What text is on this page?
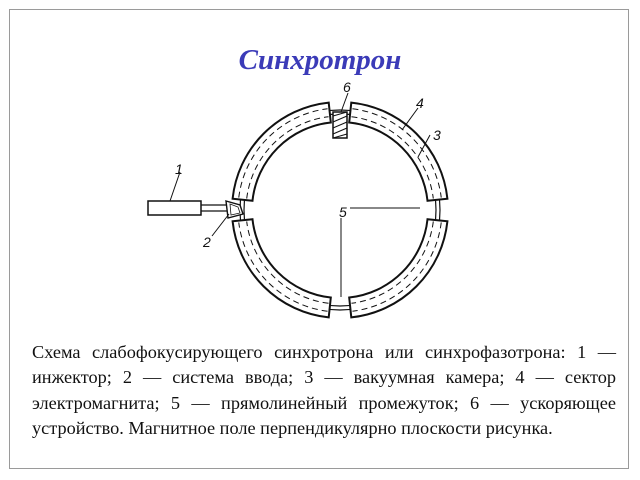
Синхротрон

Схема слабофокусирующего синхротрона или синхрофазотрона: 1 — инжектор; 2 — система ввода; 3 — вакуумная камера; 4 — сектор электромагнита; 5 — прямолинейный промежуток; 6 — ускоряющее устройство. Магнитное поле перпендикулярно плоскости рисунка.

1
2
3
4
5
6
